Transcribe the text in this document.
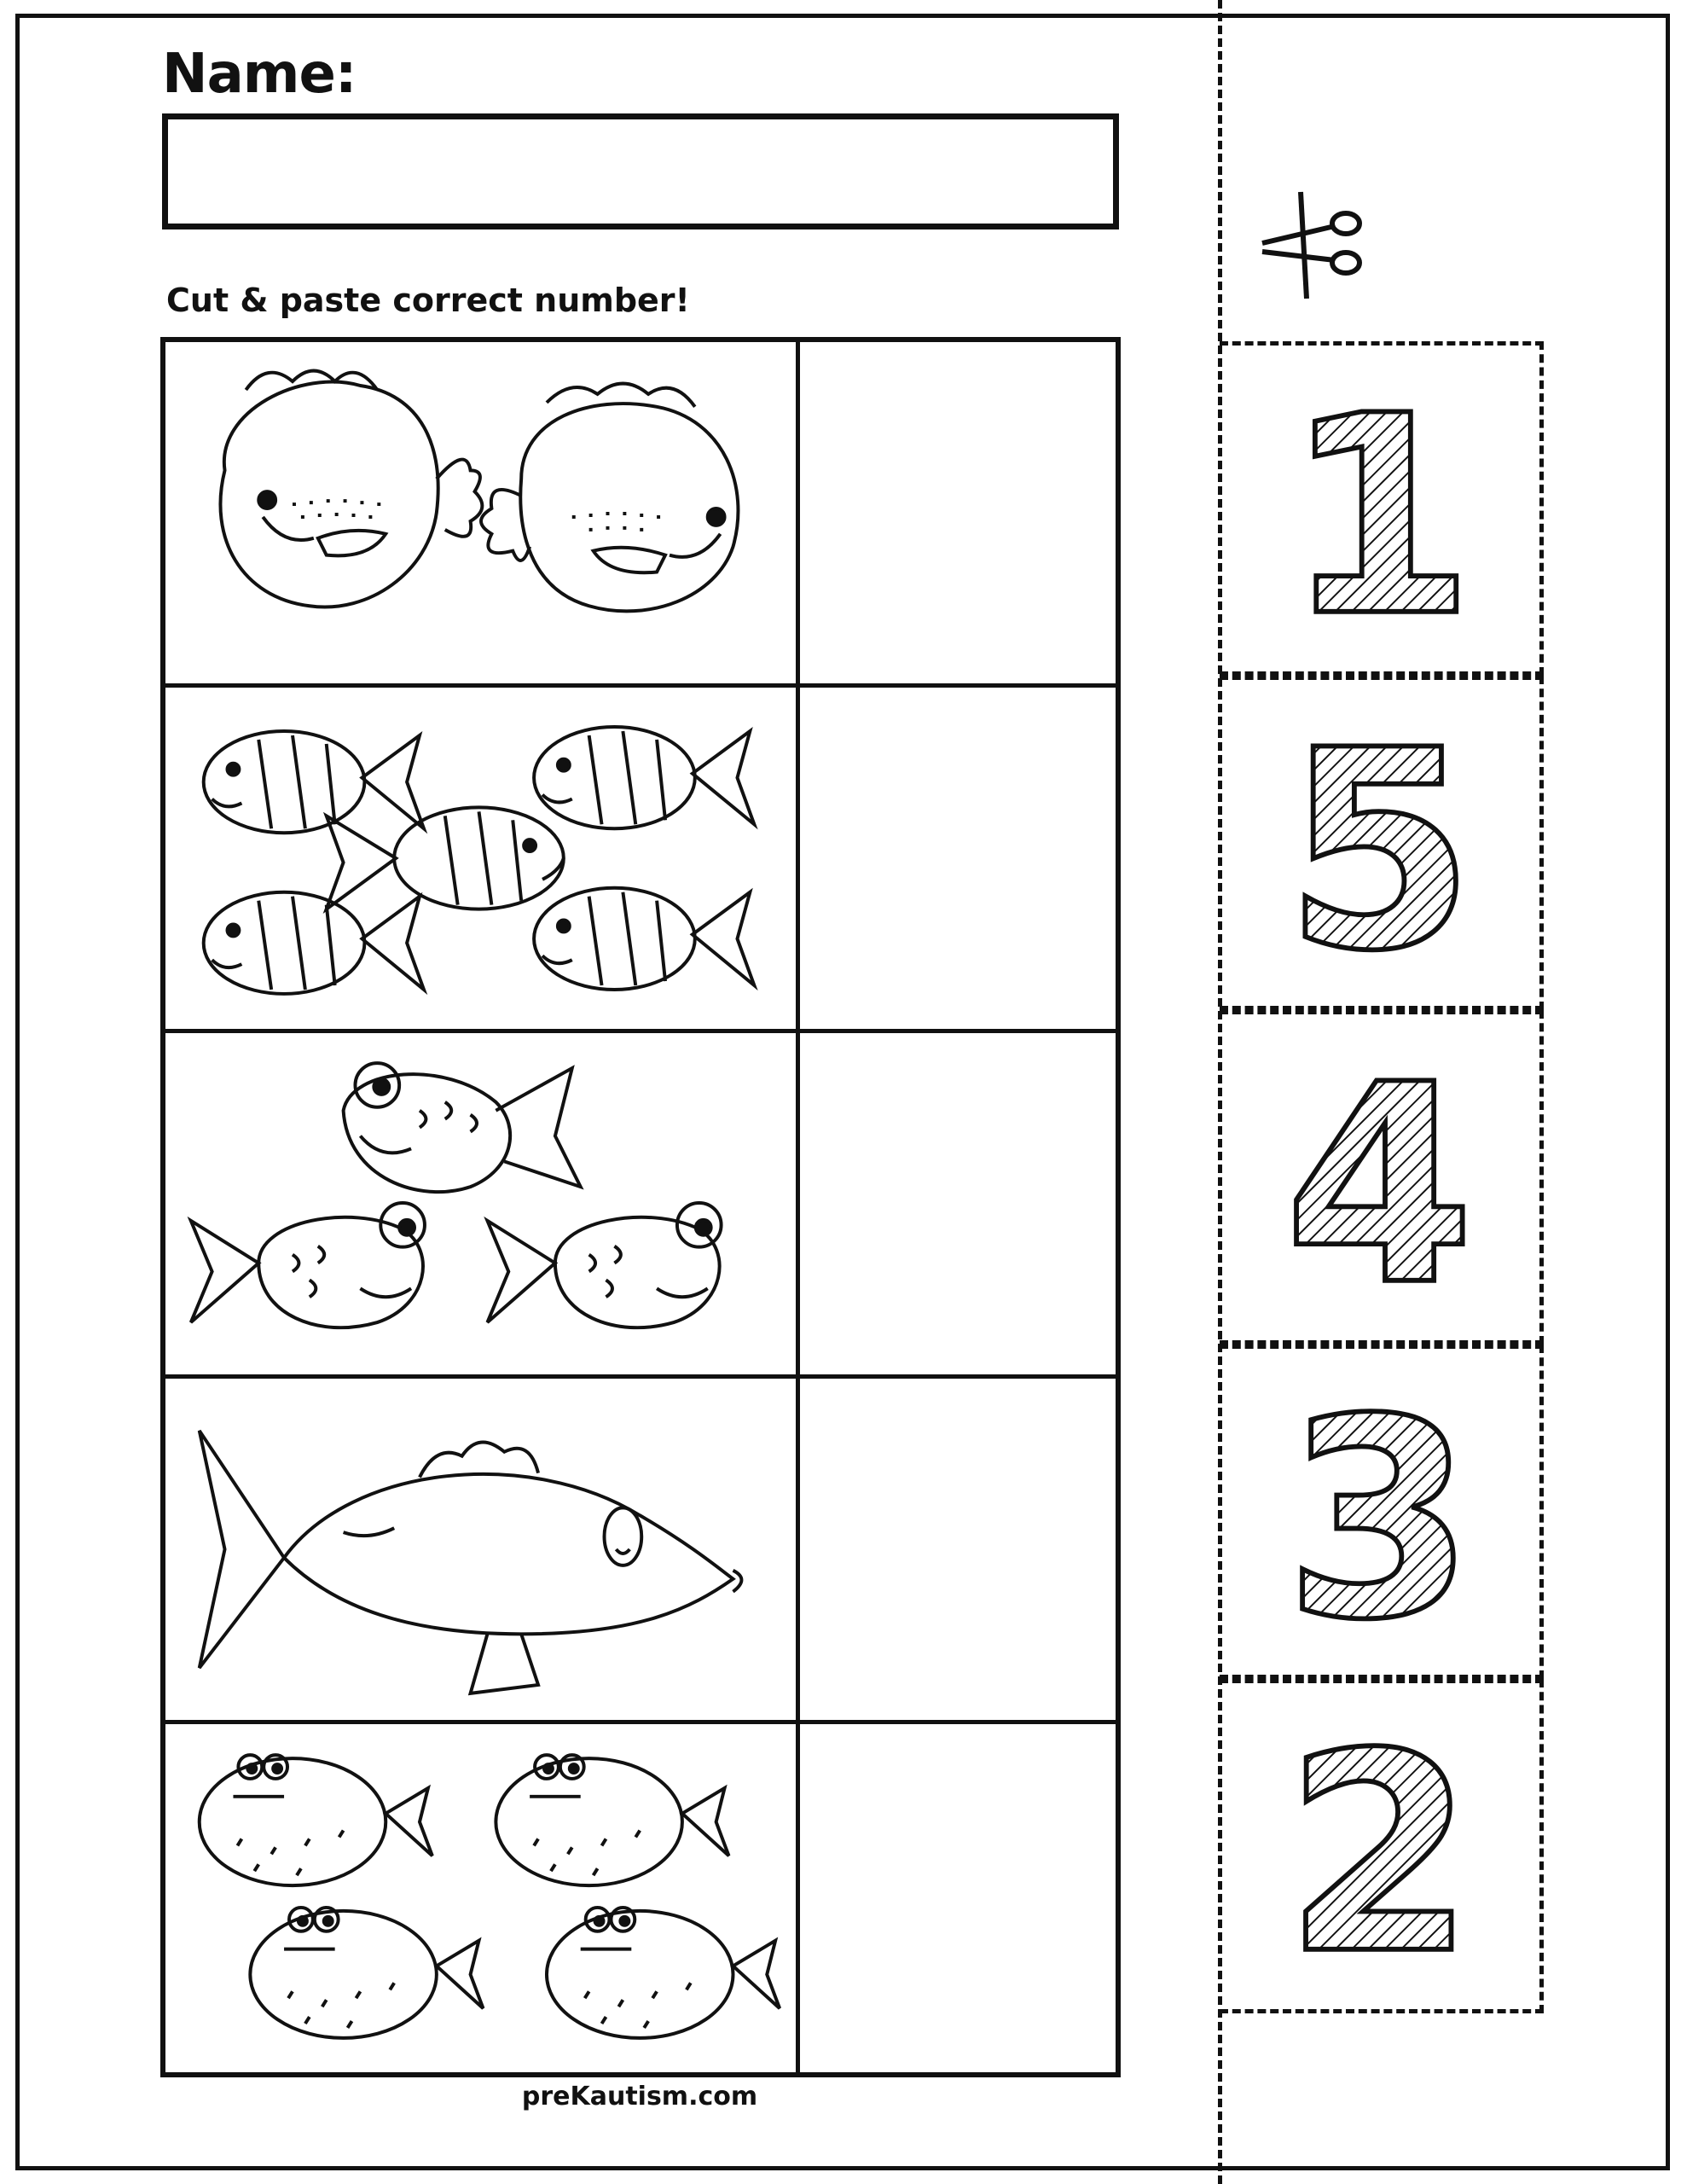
Name:
Cut & paste correct number!
preKautism.com
1
5
4
3
2
